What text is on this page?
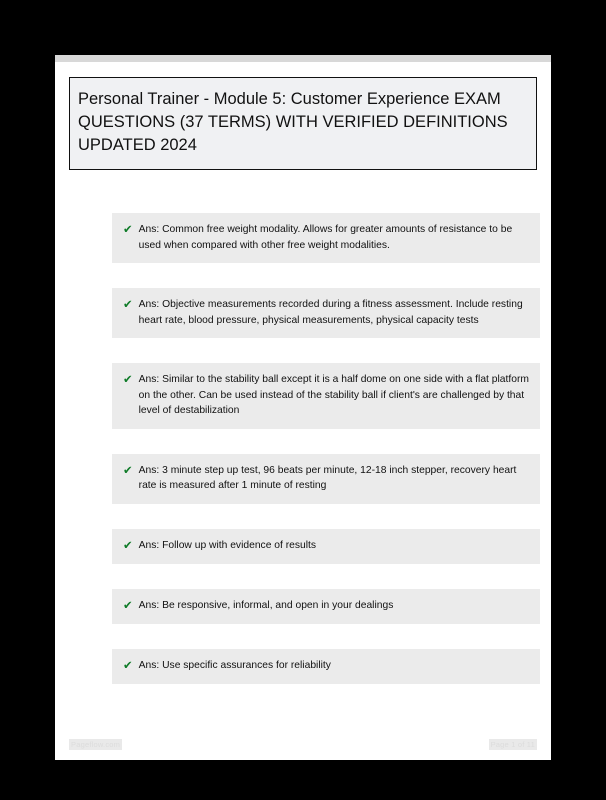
Personal Trainer - Module 5: Customer Experience EXAM QUESTIONS (37 TERMS) WITH VERIFIED DEFINITIONS UPDATED 2024
✔ Ans: Common free weight modality. Allows for greater amounts of resistance to be used when compared with other free weight modalities.
✔ Ans: Objective measurements recorded during a fitness assessment. Include resting heart rate, blood pressure, physical measurements, physical capacity tests
✔ Ans: Similar to the stability ball except it is a half dome on one side with a flat platform on the other. Can be used instead of the stability ball if client's are challenged by that level of destabilization
✔ Ans: 3 minute step up test, 96 beats per minute, 12-18 inch stepper, recovery heart rate is measured after 1 minute of resting
✔ Ans: Follow up with evidence of results
✔ Ans: Be responsive, informal, and open in your dealings
✔ Ans: Use specific assurances for reliability
Pageflow.com	Page 1 of 11
